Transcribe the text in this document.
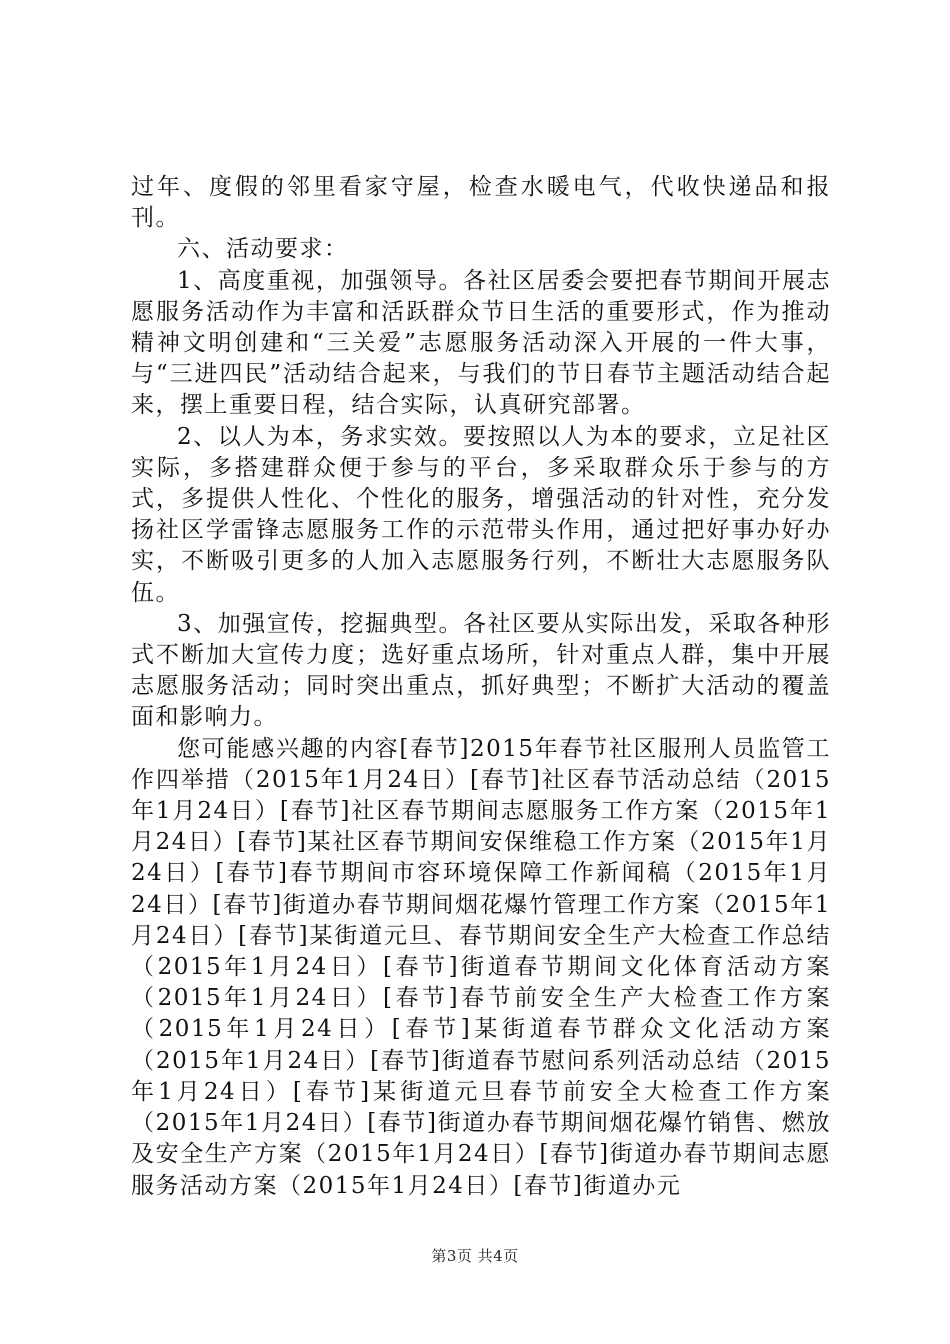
过年、度假的邻里看家守屋，检查水暖电气，代收快递品和报刊。

六、活动要求：

1、高度重视，加强领导。各社区居委会要把春节期间开展志愿服务活动作为丰富和活跃群众节日生活的重要形式，作为推动精神文明创建和“三关爱”志愿服务活动深入开展的一件大事，与“三进四民”活动结合起来，与我们的节日春节主题活动结合起来，摆上重要日程，结合实际，认真研究部署。

2、以人为本，务求实效。要按照以人为本的要求，立足社区实际，多搭建群众便于参与的平台，多采取群众乐于参与的方式，多提供人性化、个性化的服务，增强活动的针对性，充分发扬社区学雷锋志愿服务工作的示范带头作用，通过把好事办好办实，不断吸引更多的人加入志愿服务行列，不断壮大志愿服务队伍。

3、加强宣传，挖掘典型。各社区要从实际出发，采取各种形式不断加大宣传力度；选好重点场所，针对重点人群，集中开展志愿服务活动；同时突出重点，抓好典型；不断扩大活动的覆盖面和影响力。

您可能感兴趣的内容[春节]2015年春节社区服刑人员监管工作四举措（2015年1月24日）[春节]社区春节活动总结（2015年1月24日）[春节]社区春节期间志愿服务工作方案（2015年1月24日）[春节]某社区春节期间安保维稳工作方案（2015年1月24日）[春节]春节期间市容环境保障工作新闻稿（2015年1月24日）[春节]街道办春节期间烟花爆竹管理工作方案（2015年1月24日）[春节]某街道元旦、春节期间安全生产大检查工作总结（2015年1月24日）[春节]街道春节期间文化体育活动方案（2015年1月24日）[春节]春节前安全生产大检查工作方案（2015年1月24日）[春节]某街道春节群众文化活动方案（2015年1月24日）[春节]街道春节慰问系列活动总结（2015年1月24日）[春节]某街道元旦春节前安全大检查工作方案（2015年1月24日）[春节]街道办春节期间烟花爆竹销售、燃放及安全生产方案（2015年1月24日）[春节]街道办春节期间志愿服务活动方案（2015年1月24日）[春节]街道办元

第3页 共4页
